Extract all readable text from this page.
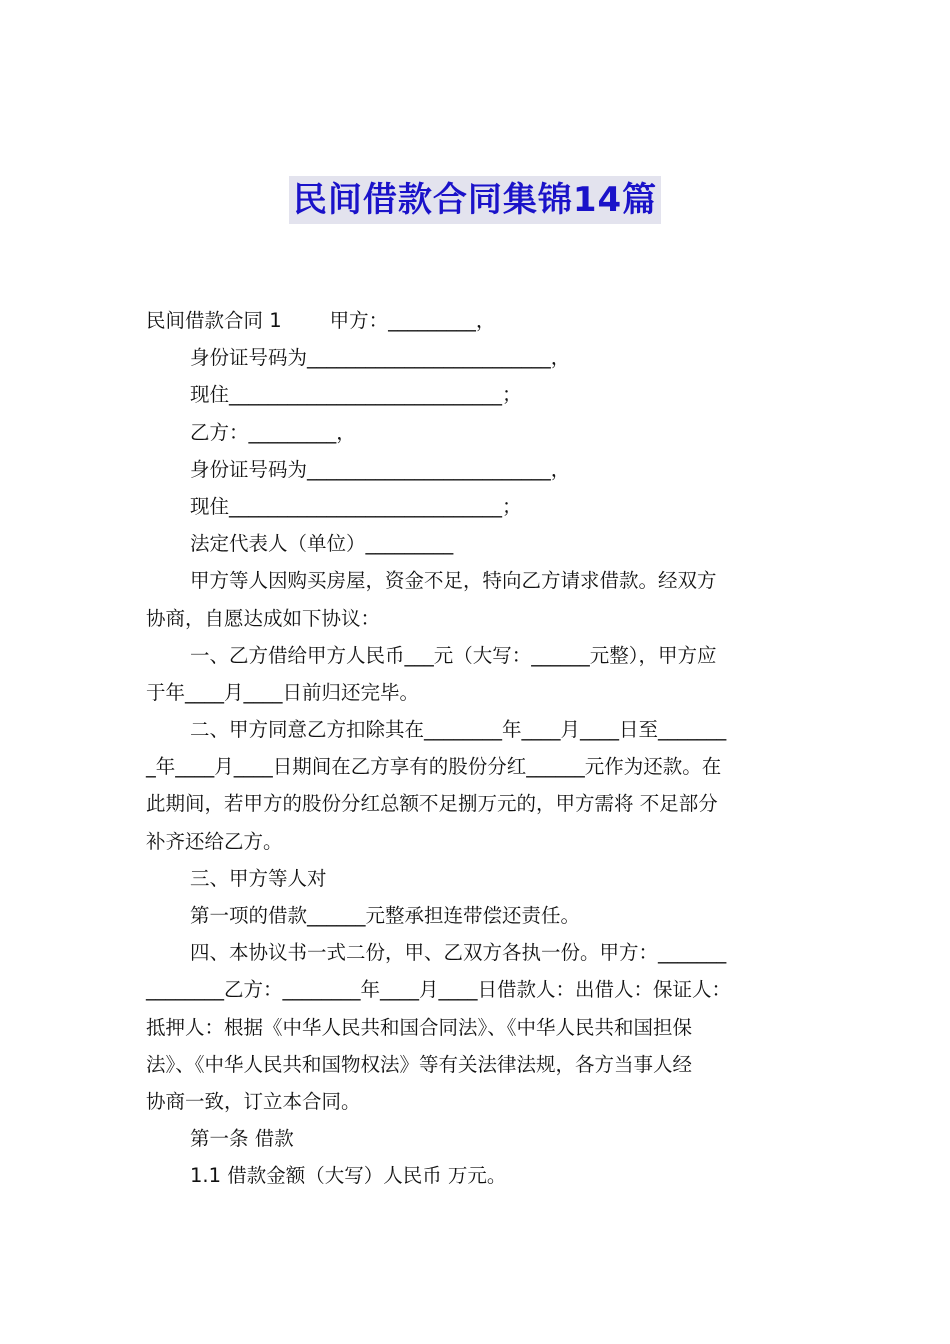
民间借款合同集锦14篇
民间借款合同 1 甲方：_________，
身份证号码为_________________________，
现住____________________________；
乙方：_________，
身份证号码为_________________________，
现住____________________________；
法定代表人（单位）_________
甲方等人因购买房屋，资金不足，特向乙方请求借款。经双方
协商，自愿达成如下协议：
一、乙方借给甲方人民币___元（大写：______元整），甲方应
于年____月____日前归还完毕。
二、甲方同意乙方扣除其在________年____月____日至_______
_年____月____日期间在乙方享有的股份分红______元作为还款。在
此期间，若甲方的股份分红总额不足捌万元的，甲方需将 不足部分
补齐还给乙方。
三、甲方等人对
第一项的借款______元整承担连带偿还责任。
四、本协议书一式二份，甲、乙双方各执一份。甲方：_______
________乙方：________年____月____日借款人：出借人：保证人：
抵押人：根据《中华人民共和国合同法》、《中华人民共和国担保
法》、《中华人民共和国物权法》等有关法律法规，各方当事人经
协商一致，订立本合同。
第一条 借款
1.1 借款金额（大写）人民币 万元。
